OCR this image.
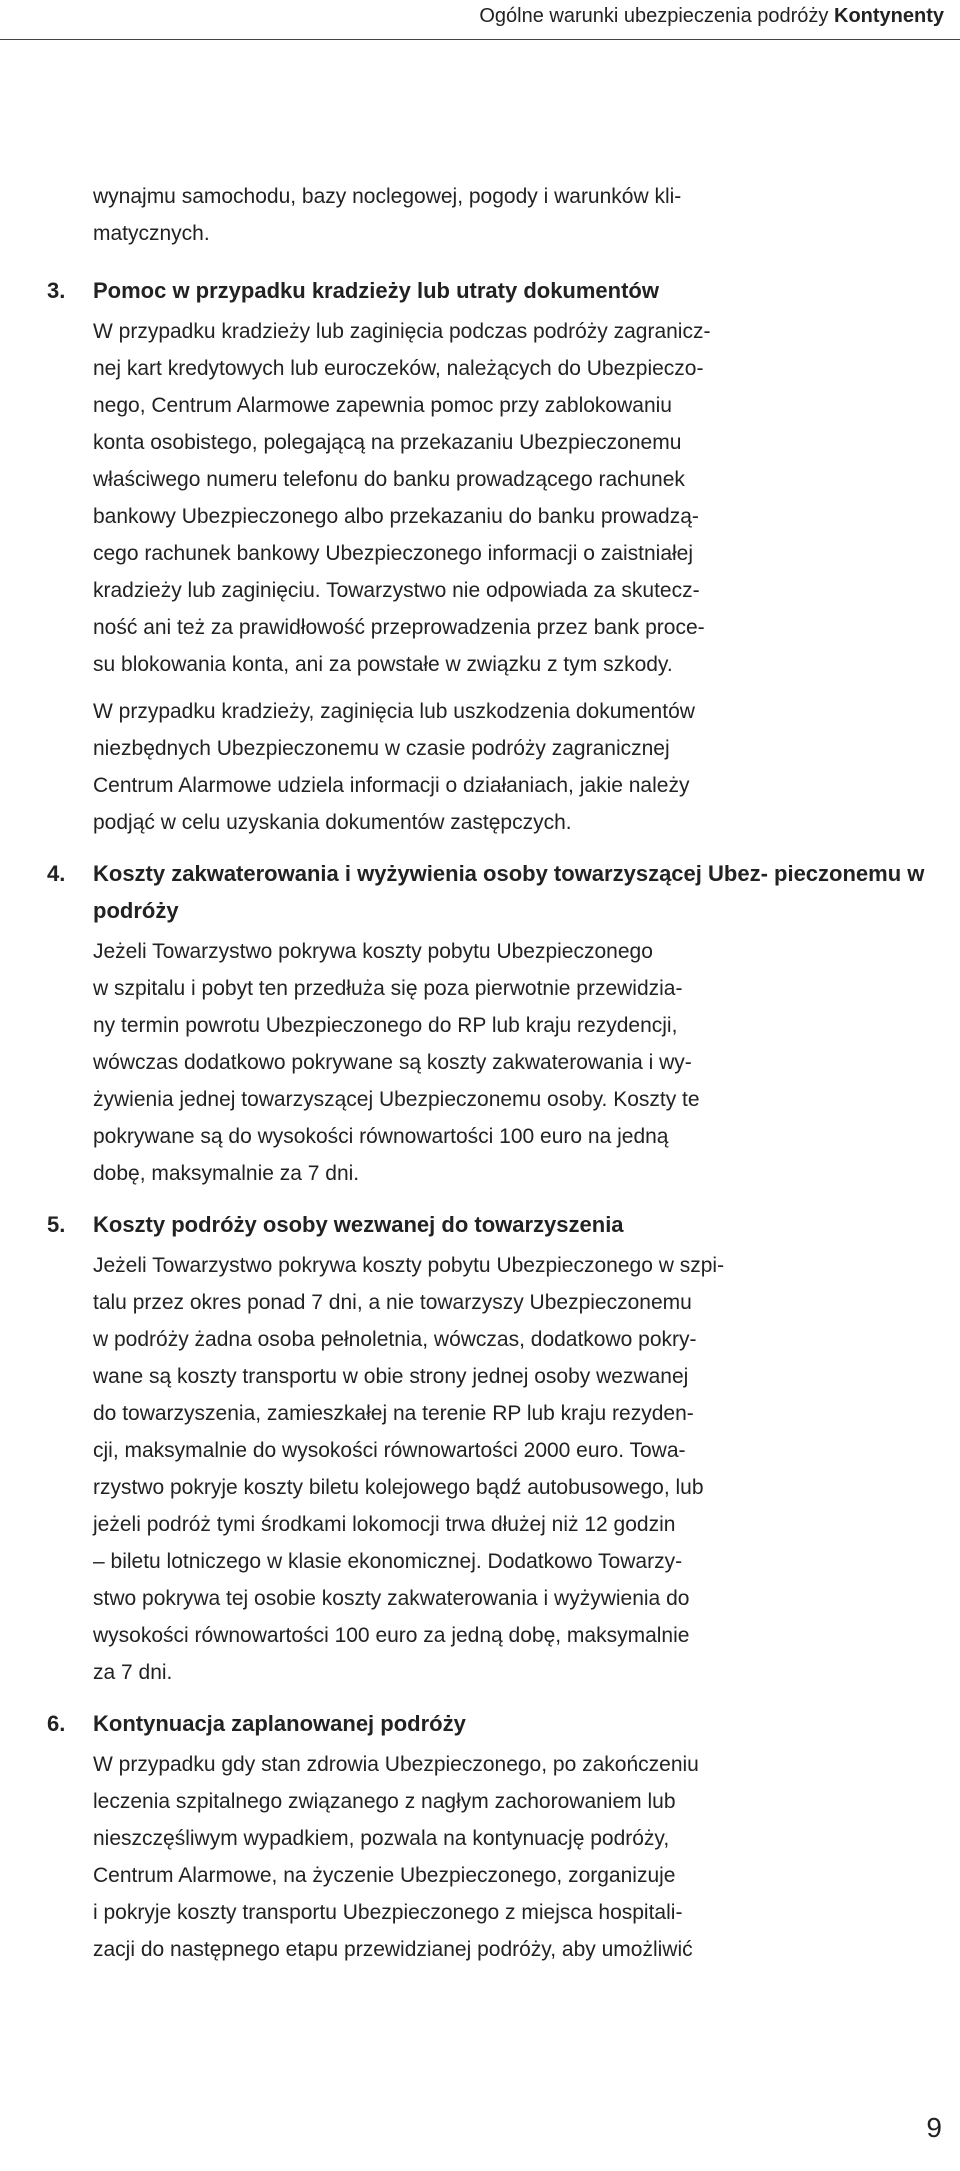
Ogólne warunki ubezpieczenia podróży Kontynenty

wynajmu samochodu, bazy noclegowej, pogody i warunków kli-
matycznych.

3.	Pomoc w przypadku kradzieży lub utraty dokumentów

W przypadku kradzieży lub zaginięcia podczas podróży zagranicz-
nej kart kredytowych lub euroczeków, należących do Ubezpieczo-
nego, Centrum Alarmowe zapewnia pomoc przy zablokowaniu
konta osobistego, polegającą na przekazaniu Ubezpieczonemu
właściwego numeru telefonu do banku prowadzącego rachunek
bankowy Ubezpieczonego albo przekazaniu do banku prowadzą-
cego rachunek bankowy Ubezpieczonego informacji o zaistniałej
kradzieży lub zaginięciu. Towarzystwo nie odpowiada za skutecz-
ność ani też za prawidłowość przeprowadzenia przez bank proce-
su blokowania konta, ani za powstałe w związku z tym szkody.

W przypadku kradzieży, zaginięcia lub uszkodzenia dokumentów
niezbędnych Ubezpieczonemu w czasie podróży zagranicznej
Centrum Alarmowe udziela informacji o działaniach, jakie należy
podjąć w celu uzyskania dokumentów zastępczych.

4.	Koszty zakwaterowania i wyżywienia osoby towarzyszącej Ubez- pieczonemu w podróży

Jeżeli Towarzystwo pokrywa koszty pobytu Ubezpieczonego
w szpitalu i pobyt ten przedłuża się poza pierwotnie przewidzia-
ny termin powrotu Ubezpieczonego do RP lub kraju rezydencji,
wówczas dodatkowo pokrywane są koszty zakwaterowania i wy-
żywienia jednej towarzyszącej Ubezpieczonemu osoby. Koszty te
pokrywane są do wysokości równowartości 100 euro na jedną
dobę, maksymalnie za 7 dni.

5.	Koszty podróży osoby wezwanej do towarzyszenia

Jeżeli Towarzystwo pokrywa koszty pobytu Ubezpieczonego w szpi-
talu przez okres ponad 7 dni, a nie towarzyszy Ubezpieczonemu
w podróży żadna osoba pełnoletnia, wówczas, dodatkowo pokry-
wane są koszty transportu w obie strony jednej osoby wezwanej
do towarzyszenia, zamieszkałej na terenie RP lub kraju rezyden-
cji, maksymalnie do wysokości równowartości 2000 euro. Towa-
rzystwo pokryje koszty biletu kolejowego bądź autobusowego, lub
jeżeli podróż tymi środkami lokomocji trwa dłużej niż 12 godzin
– biletu lotniczego w klasie ekonomicznej. Dodatkowo Towarzy-
stwo pokrywa tej osobie koszty zakwaterowania i wyżywienia do
wysokości równowartości 100 euro za jedną dobę, maksymalnie
za 7 dni.

6.	Kontynuacja zaplanowanej podróży

W przypadku gdy stan zdrowia Ubezpieczonego, po zakończeniu
leczenia szpitalnego związanego z nagłym zachorowaniem lub
nieszczęśliwym wypadkiem, pozwala na kontynuację podróży,
Centrum Alarmowe, na życzenie Ubezpieczonego, zorganizuje
i pokryje koszty transportu Ubezpieczonego z miejsca hospitali-
zacji do następnego etapu przewidzianej podróży, aby umożliwić

9
